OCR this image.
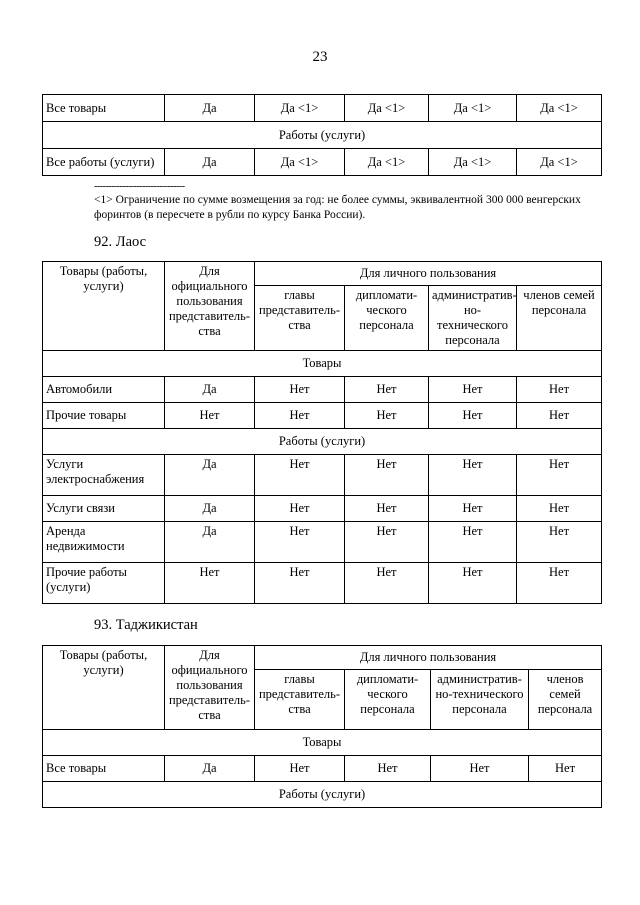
23
Все товары	Да	Да <1>	Да <1>	Да <1>	Да <1>
Работы (услуги)					
Все работы (услуги)	Да	Да <1>	Да <1>	Да <1>	Да <1>
--------------------------------
<1> Ограничение по сумме возмещения за год: не более суммы, эквивалентной 300 000 венгерских форинтов (в пересчете в рубли по курсу Банка России).
92. Лаос
Товары (работы, услуги)	Для официального пользования представитель-ства	Для личного пользования			
		главы представитель-ства	дипломати-ческого персонала	административ-но-технического персонала	членов семей персонала
Товары					
Автомобили	Да	Нет	Нет	Нет	Нет
Прочие товары	Нет	Нет	Нет	Нет	Нет
Работы (услуги)					
Услуги электроснабжения	Да	Нет	Нет	Нет	Нет
Услуги связи	Да	Нет	Нет	Нет	Нет
Аренда недвижимости	Да	Нет	Нет	Нет	Нет
Прочие работы (услуги)	Нет	Нет	Нет	Нет	Нет
93. Таджикистан
Товары (работы, услуги)	Для официального пользования представитель-ства	Для личного пользования			
		главы представитель-ства	дипломати-ческого персонала	административ-но-технического персонала	членов семей персонала
Товары					
Все товары	Да	Нет	Нет	Нет	Нет
Работы (услуги)					
